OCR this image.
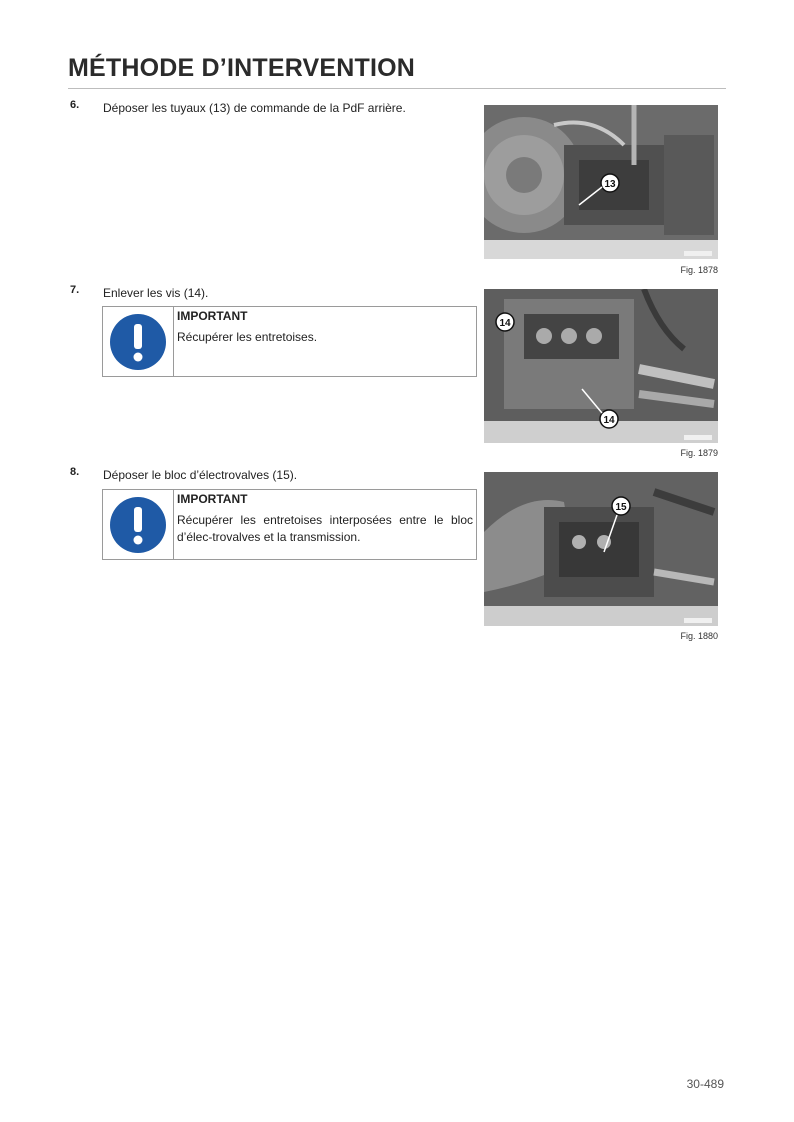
MÉTHODE D’INTERVENTION
6. Déposer les tuyaux (13) de commande de la PdF arrière.
13
Fig. 1878
7. Enlever les vis (14).
IMPORTANT
Récupérer les entretoises.
14
14
Fig. 1879
8. Déposer le bloc d’électrovalves (15).
IMPORTANT
Récupérer les entretoises interposées entre le bloc d’élec-trovalves et la transmission.
15
Fig. 1880
30-489
